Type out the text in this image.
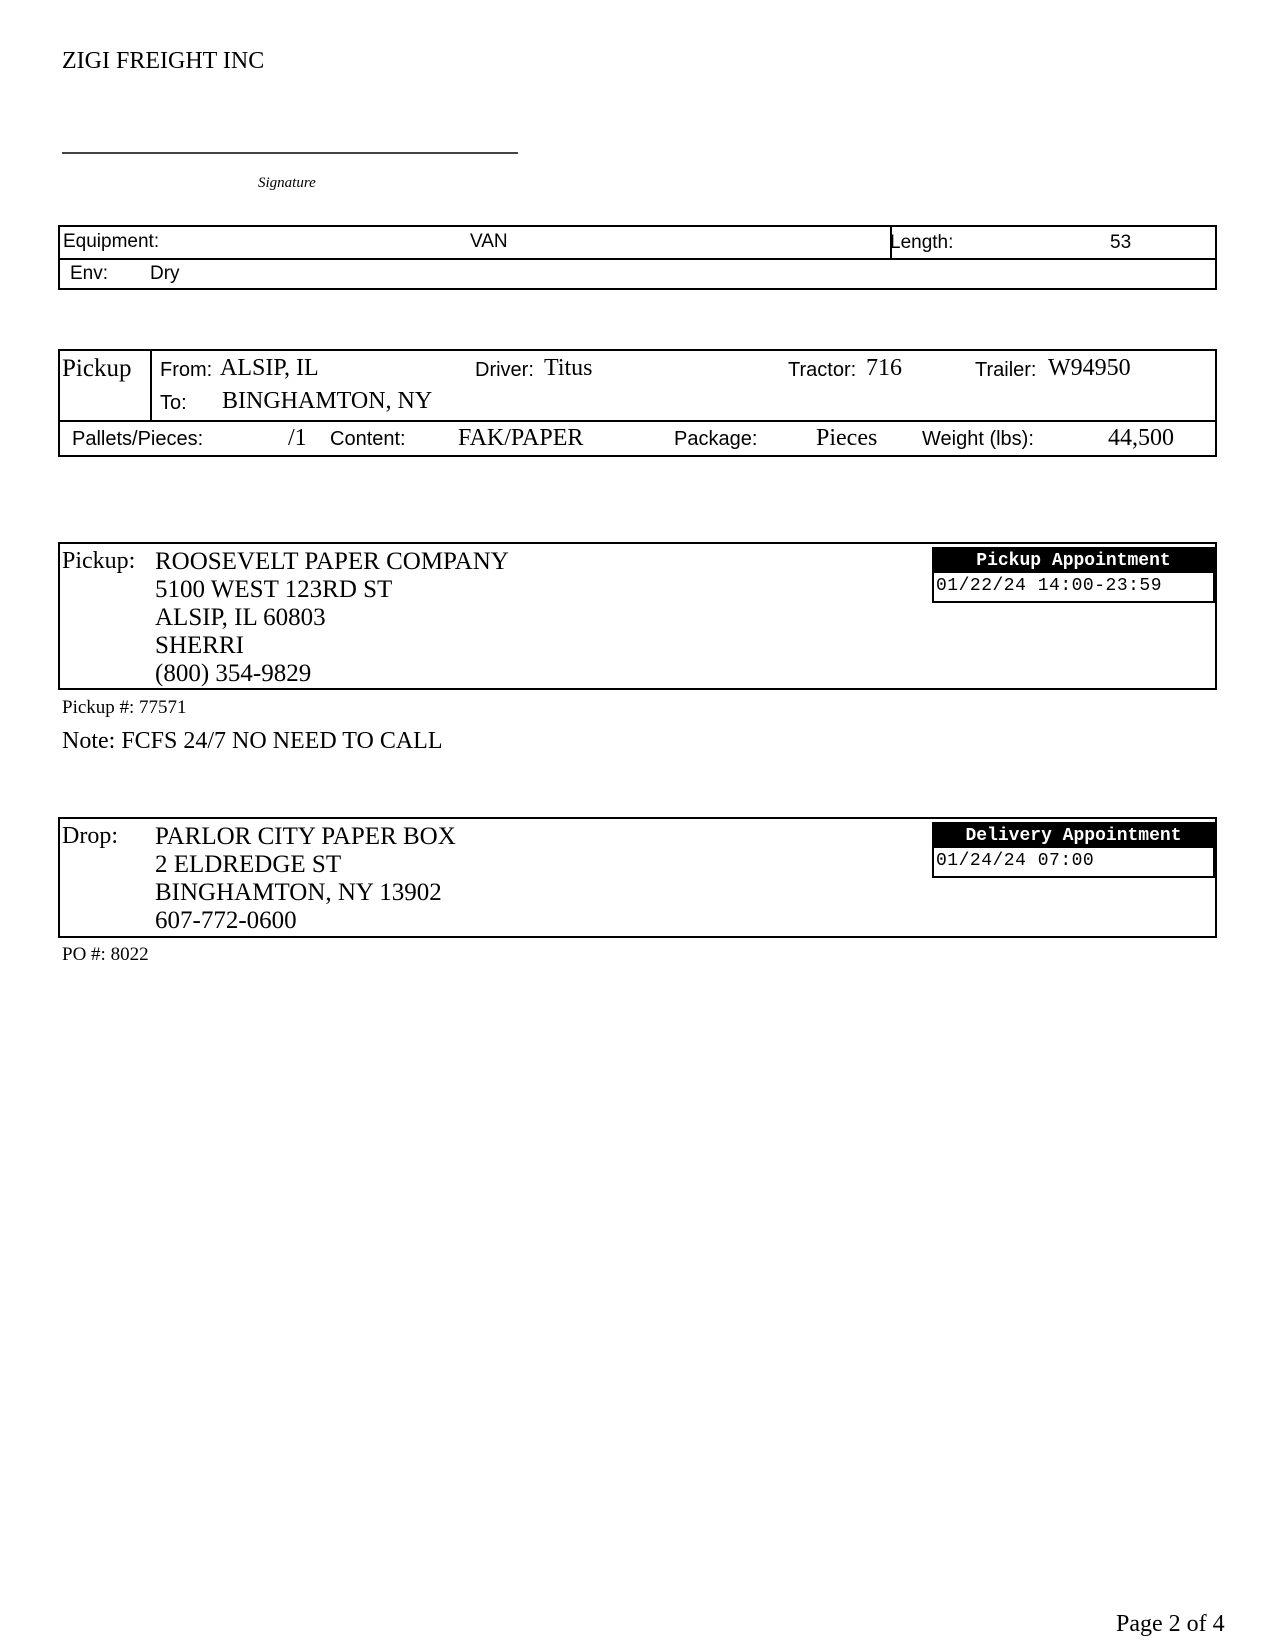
ZIGI FREIGHT INC
Signature
Equipment:	VAN	Length:	53
Env: Dry
Pickup From: ALSIP, IL
To: BINGHAMTON, NY
Driver: Titus	Tractor: 716	Trailer: W94950
Pallets/Pieces:	/1 Content: FAK/PAPER	Package: Pieces Weight (lbs):	44,500
Pickup: ROOSEVELT PAPER COMPANY
5100 WEST 123RD ST
ALSIP, IL 60803
SHERRI
(800) 354-9829
Pickup Appointment
01/22/24 14:00-23:59
Pickup #: 77571
Note: FCFS 24/7 NO NEED TO CALL
Drop: PARLOR CITY PAPER BOX
2 ELDREDGE ST
BINGHAMTON, NY 13902
607-772-0600
Delivery Appointment
01/24/24 07:00
PO #: 8022
Page 2 of 4
